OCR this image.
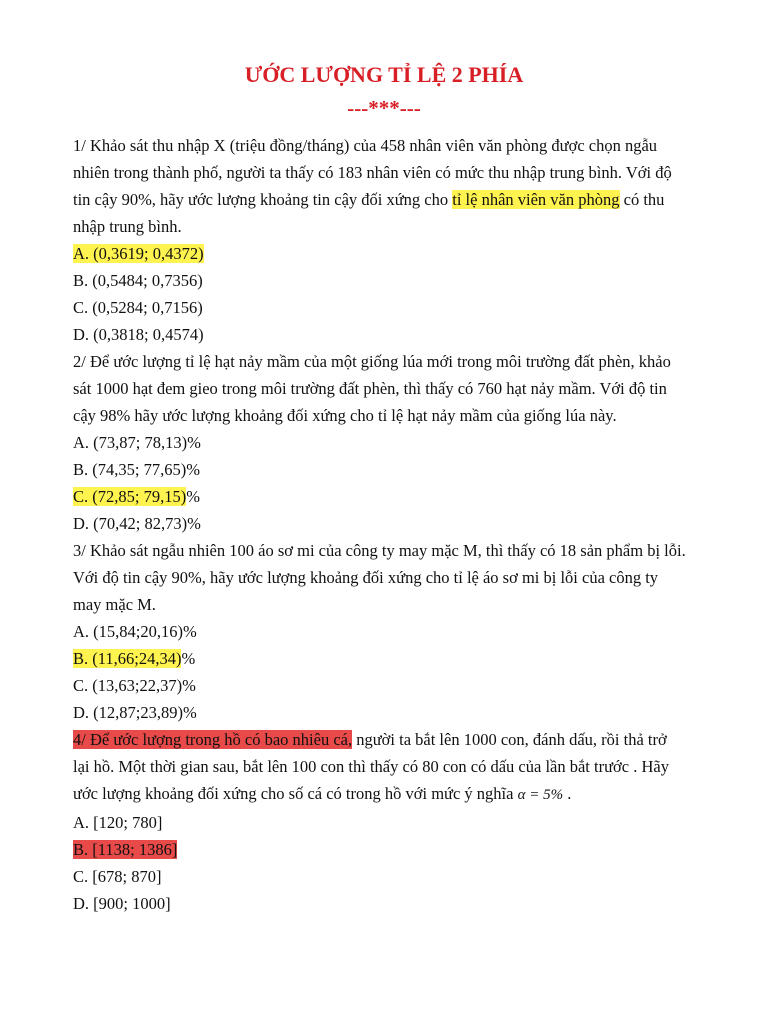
ƯỚC LƯỢNG TỈ LỆ 2 PHÍA
---***---
1/ Khảo sát thu nhập X (triệu đồng/tháng) của 458 nhân viên văn phòng được chọn ngẫu
nhiên trong thành phố, người ta thấy có 183 nhân viên có mức thu nhập trung bình. Với độ
tin cậy 90%, hãy ước lượng khoảng tin cậy đối xứng cho tỉ lệ nhân viên văn phòng có thu
nhập trung bình.
A. (0,3619; 0,4372)
B. (0,5484; 0,7356)
C. (0,5284; 0,7156)
D. (0,3818; 0,4574)
2/ Để ước lượng tỉ lệ hạt nảy mầm của một giống lúa mới trong môi trường đất phèn, khảo
sát 1000 hạt đem gieo trong môi trường đất phèn, thì thấy có 760 hạt nảy mầm. Với độ tin
cậy 98% hãy ước lượng khoảng đối xứng cho tỉ lệ hạt nảy mầm của giống lúa này.
A. (73,87; 78,13)%
B. (74,35; 77,65)%
C. (72,85; 79,15)%
D. (70,42; 82,73)%
3/ Khảo sát ngẫu nhiên 100 áo sơ mi của công ty may mặc M, thì thấy có 18 sản phẩm bị lỗi.
Với độ tin cậy 90%, hãy ước lượng khoảng đối xứng cho tỉ lệ áo sơ mi bị lỗi của công ty
may mặc M.
A. (15,84;20,16)%
B. (11,66;24,34)%
C. (13,63;22,37)%
D. (12,87;23,89)%
4/ Để ước lượng trong hồ có bao nhiêu cá, người ta bắt lên 1000 con, đánh dấu, rồi thả trở
lại hồ. Một thời gian sau, bắt lên 100 con thì thấy có 80 con có dấu của lần bắt trước . Hãy
ước lượng khoảng đối xứng cho số cá có trong hồ với mức ý nghĩa α = 5% .
A. [120; 780]
B. [1138; 1386]
C. [678; 870]
D. [900; 1000]
